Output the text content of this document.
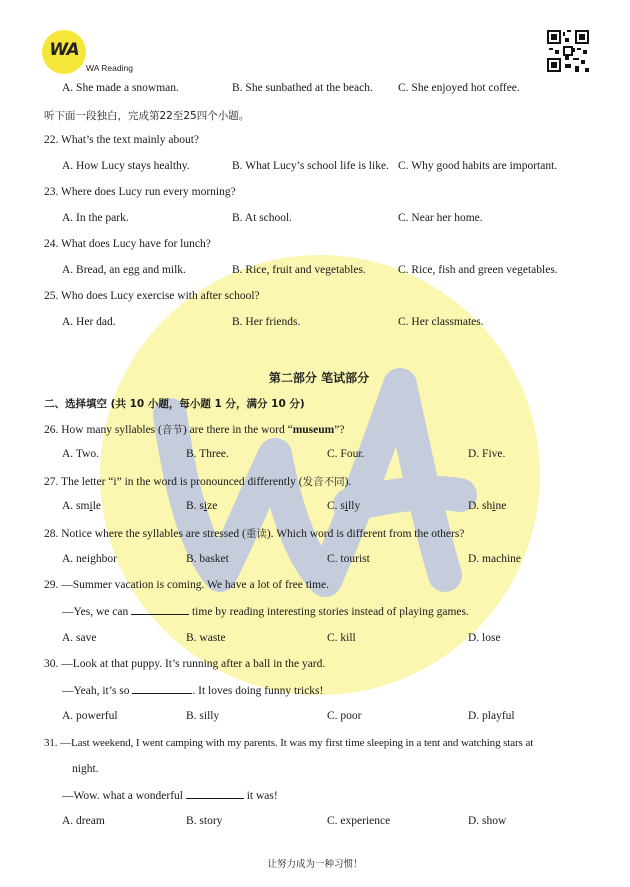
WA
WA Reading
A. She made a snowman.	B. She sunbathed at the beach. C. She enjoyed hot coffee.
听下面一段独白，完成第22至25四个小题。
22. What’s the text mainly about?
A. How Lucy stays healthy.	B. What Lucy’s school life is like. C. Why good habits are important.
23. Where does Lucy run every morning?
A. In the park.	B. At school.	C. Near her home.
24. What does Lucy have for lunch?
A. Bread, an egg and milk.	B. Rice, fruit and vegetables.	C. Rice, fish and green vegetables.
25. Who does Lucy exercise with after school?
A. Her dad.	B. Her friends.	C. Her classmates.
第二部分 笔试部分
二、选择填空 (共 10 小题，每小题 1 分，满分 10 分)
26. How many syllables (音节) are there in the word “museum”?
A. Two.	B. Three.	C. Four.	D. Five.
27. The letter “i” in the word is pronounced differently (发音不同).
A. smile	B. size	C. silly	D. shine
28. Notice where the syllables are stressed (重读). Which word is different from the others?
A. neighbor	B. basket	C. tourist	D. machine
29. —Summer vacation is coming. We have a lot of free time.
—Yes, we can	time by reading interesting stories instead of playing games.
A. save	B. waste	C. kill	D. lose
30. —Look at that puppy. It’s running after a ball in the yard.
—Yeah, it’s so	. It loves doing funny tricks!
A. powerful	B. silly	C. poor	D. playful
31. —Last weekend, I went camping with my parents. It was my first time sleeping in a tent and watching stars at
night.
—Wow. what a wonderful	it was!
A. dream	B. story	C. experience	D. show
让努力成为一种习惯！
